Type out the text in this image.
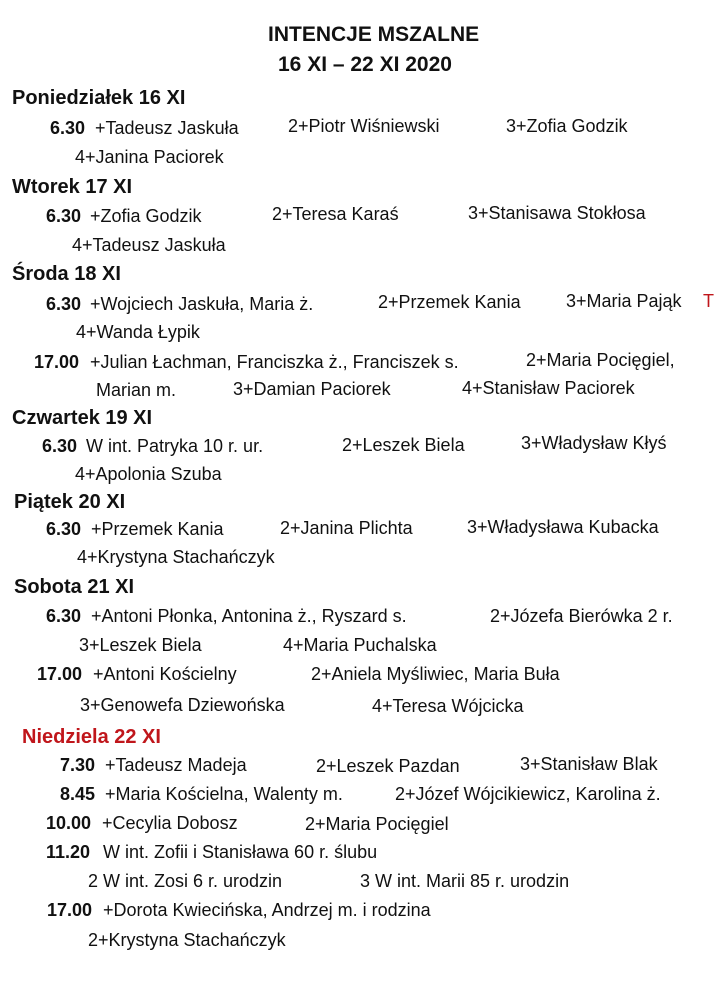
INTENCJE MSZALNE
16 XI – 22 XI 2020
Poniedziałek 16 XI
6.30 +Tadeusz Jaskuła	2+Piotr Wiśniewski	3+Zofia Godzik
4+Janina Paciorek
Wtorek 17 XI
6.30 +Zofia Godzik	2+Teresa Karaś	3+Stanisawa Stokłosa
4+Tadeusz Jaskuła
Środa 18 XI
6.30 +Wojciech Jaskuła, Maria ż.	2+Przemek Kania	3+Maria Pająk T
4+Wanda Łypik
17.00 +Julian Łachman, Franciszka ż., Franciszek s.	2+Maria Pocięgiel,
Marian m.	3+Damian Paciorek	4+Stanisław Paciorek
Czwartek 19 XI
6.30 W int. Patryka 10 r. ur.	2+Leszek Biela	3+Władysław Kłyś
4+Apolonia Szuba
Piątek 20 XI
6.30 +Przemek Kania	2+Janina Plichta	3+Władysława Kubacka
4+Krystyna Stachańczyk
Sobota 21 XI
6.30 +Antoni Płonka, Antonina ż., Ryszard s.	2+Józefa Bierówka 2 r.
3+Leszek Biela	4+Maria Puchalska
17.00 +Antoni Kościelny	2+Aniela Myśliwiec, Maria Buła
3+Genowefa Dziewońska	4+Teresa Wójcicka
Niedziela 22 XI
7.30 +Tadeusz Madeja	2+Leszek Pazdan	3+Stanisław Blak
8.45 +Maria Kościelna, Walenty m.	2+Józef Wójcikiewicz, Karolina ż.
10.00 +Cecylia Dobosz	2+Maria Pocięgiel
11.20 W int. Zofii i Stanisława 60 r. ślubu
2 W int. Zosi 6 r. urodzin	3 W int. Marii 85 r. urodzin
17.00 +Dorota Kwiecińska, Andrzej m. i rodzina
2+Krystyna Stachańczyk
